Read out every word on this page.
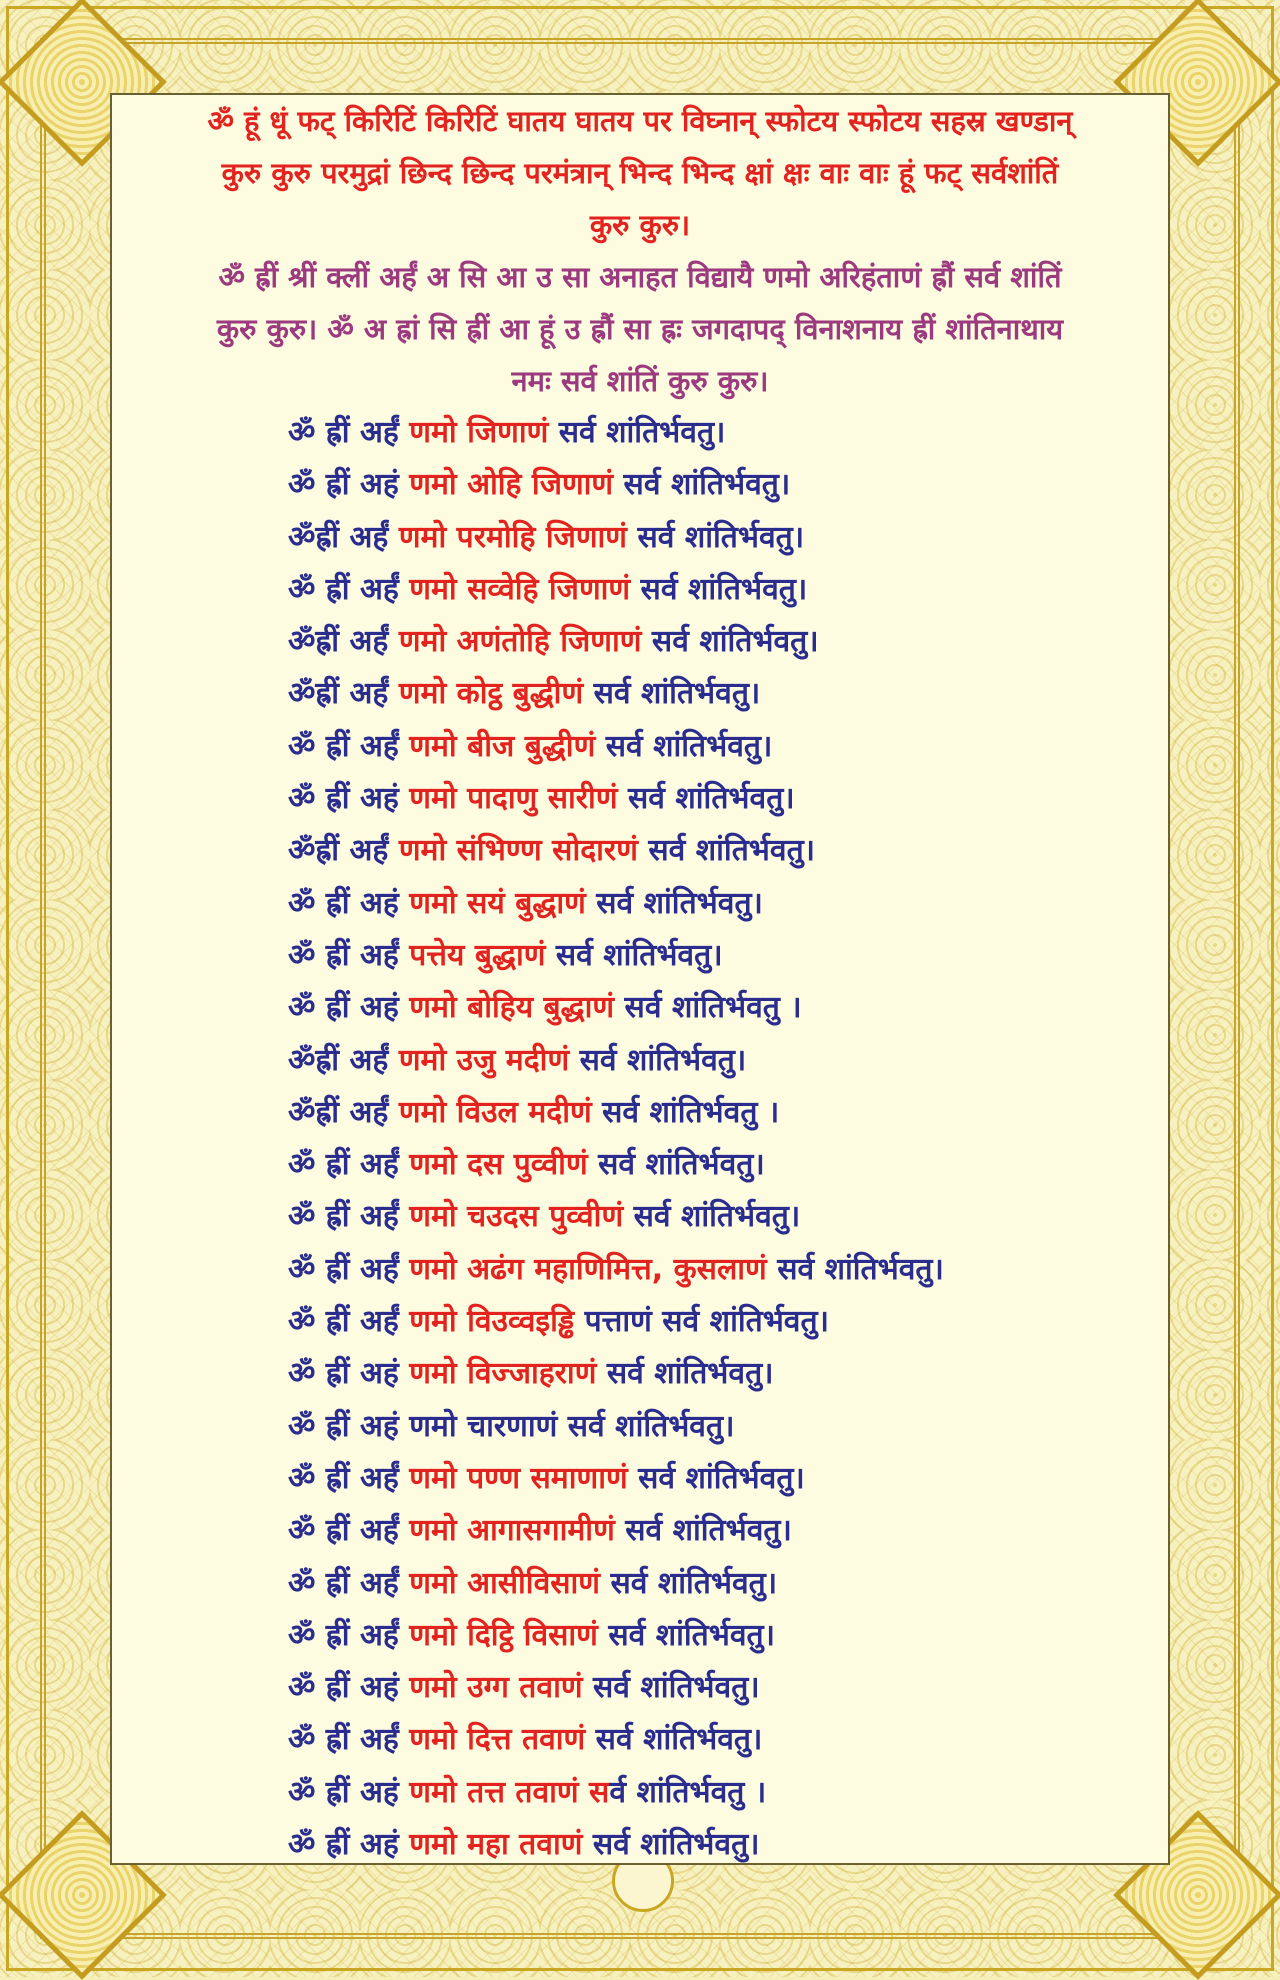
ॐ हूं धूं फट् किरिटिं किरिटिं घातय घातय पर विघ्नान् स्फोटय स्फोटय सहस्र खण्डान्

कुरु कुरु परमुद्रां छिन्द छिन्द परमंत्रान् भिन्द भिन्द क्षां क्षः वाः वाः हूं फट् सर्वशांतिं

कुरु कुरु।

ॐ ह्रीं श्रीं क्लीं अर्हं अ सि आ उ सा अनाहत विद्यायै णमो अरिहंताणं ह्रौं सर्व शांतिं

कुरु कुरु। ॐ अ ह्रां सि ह्रीं आ हूं उ ह्रौं सा ह्रः जगदापद् विनाशनाय ह्रीं शांतिनाथाय

नमः सर्व शांतिं कुरु कुरु।

ॐ ह्रीं अर्हं णमो जिणाणं सर्व शांतिर्भवतु।
ॐ ह्रीं अहं णमो ओहि जिणाणं सर्व शांतिर्भवतु।
ॐह्रीं अर्हं णमो परमोहि जिणाणं सर्व शांतिर्भवतु।
ॐ ह्रीं अर्हं णमो सव्वेहि जिणाणं सर्व शांतिर्भवतु।
ॐह्रीं अर्हं णमो अणंतोहि जिणाणं सर्व शांतिर्भवतु।
ॐह्रीं अर्हं णमो कोट्ठ बुद्धीणं सर्व शांतिर्भवतु।
ॐ ह्रीं अर्हं णमो बीज बुद्धीणं सर्व शांतिर्भवतु।
ॐ ह्रीं अहं णमो पादाणु सारीणं सर्व शांतिर्भवतु।
ॐह्रीं अर्हं णमो संभिण्ण सोदारणं सर्व शांतिर्भवतु।
ॐ ह्रीं अहं णमो सयं बुद्धाणं सर्व शांतिर्भवतु।
ॐ ह्रीं अर्हं पत्तेय बुद्धाणं सर्व शांतिर्भवतु।
ॐ ह्रीं अहं णमो बोहिय बुद्धाणं सर्व शांतिर्भवतु ।
ॐह्रीं अर्हं णमो उजु मदीणं सर्व शांतिर्भवतु।
ॐह्रीं अर्हं णमो विउल मदीणं सर्व शांतिर्भवतु ।
ॐ ह्रीं अर्हं णमो दस पुव्वीणं सर्व शांतिर्भवतु।
ॐ ह्रीं अर्हं णमो चउदस पुव्वीणं सर्व शांतिर्भवतु।
ॐ ह्रीं अर्हं णमो अढंग महाणिमित्त, कुसलाणं सर्व शांतिर्भवतु।
ॐ ह्रीं अर्हं णमो विउव्वइड्ढि पत्ताणं सर्व शांतिर्भवतु।
ॐ ह्रीं अहं णमो विज्जाहराणं सर्व शांतिर्भवतु।
ॐ ह्रीं अहं णमो चारणाणं सर्व शांतिर्भवतु।
ॐ ह्रीं अर्हं णमो पण्ण समाणाणं सर्व शांतिर्भवतु।
ॐ ह्रीं अर्हं णमो आगासगामीणं सर्व शांतिर्भवतु।
ॐ ह्रीं अर्हं णमो आसीविसाणं सर्व शांतिर्भवतु।
ॐ ह्रीं अर्हं णमो दिट्ठि विसाणं सर्व शांतिर्भवतु।
ॐ ह्रीं अहं णमो उग्ग तवाणं सर्व शांतिर्भवतु।
ॐ ह्रीं अर्हं णमो दित्त तवाणं सर्व शांतिर्भवतु।
ॐ ह्रीं अहं णमो तत्त तवाणं सर्व शांतिर्भवतु ।
ॐ ह्रीं अहं णमो महा तवाणं सर्व शांतिर्भवतु।
